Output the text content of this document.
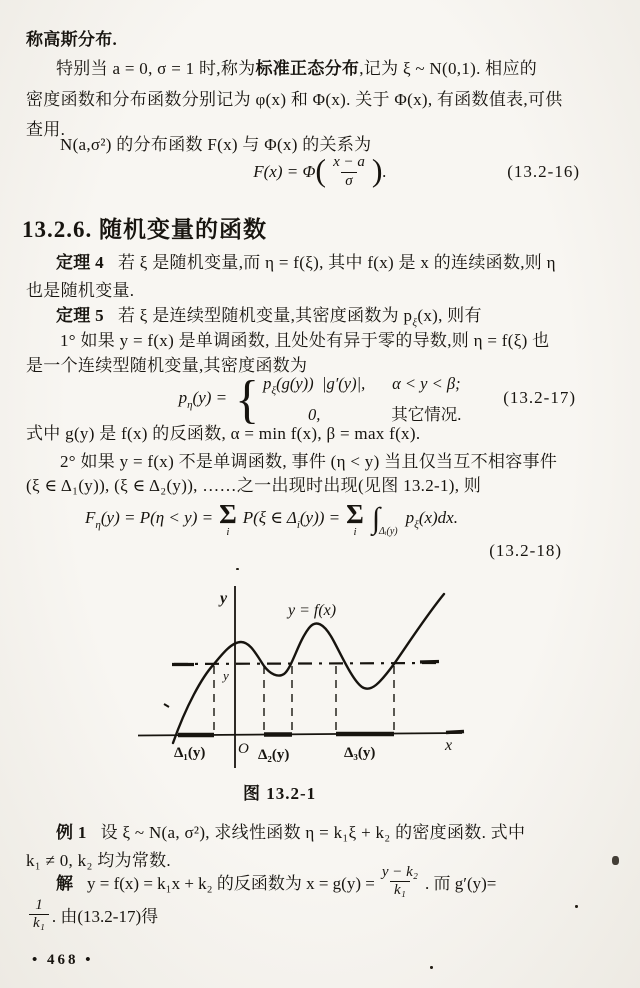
称高斯分布.
特别当 a = 0, σ = 1 时,称为标准正态分布,记为 ξ ~ N(0,1). 相应的
密度函数和分布函数分别记为 φ(x) 和 Φ(x). 关于 Φ(x), 有函数值表,可供
查用.
N(a,σ²) 的分布函数 F(x) 与 Φ(x) 的关系为
F(x) = Φ ( $\frac{x - a}{\sigma}$ ) .	(13.2-16)
13.2.6. 随机变量的函数
定理 4 若 ξ 是随机变量,而 η = f(ξ), 其中 f(x) 是 x 的连续函数,则 η
也是随机变量.
定理 5 若 ξ 是连续型随机变量,其密度函数为 $p_\xi(x)$, 则有
1° 如果 y = f(x) 是单调函数, 且处处有异于零的导数,则 η = f(ξ) 也
是一个连续型随机变量,其密度函数为
$p_\eta(y)$ = { $p_\xi(g(y))$  |g′(y)|, α < y < β;
0,	其它情况.
(13.2-17)
式中 g(y) 是 f(x) 的反函数, α = min f(x), β = max f(x).
2° 如果 y = f(x) 不是单调函数, 事件 (η < y) 当且仅当互不相容事件
(ξ ∈ Δ₁(y)), (ξ ∈ Δ₂(y)), ……之一出现时出现(见图 13.2-1), 则
$F_\eta(y) = P(\eta < y) = \Sigma$
i
P(ξ ∈ $\Delta_i(y)) = \Sigma$
i ∫ Δᵢ(y)
$p_\xi(x)dx$.
(13.2-18)
y
y = f(x)
y
O	x
Δ₁(y)	Δ₂(y)	Δ₃(y)
图 13.2-1
例 1 设 ξ ~ N(a, σ²), 求线性函数 η = k₁ξ + k₂ 的密度函数. 式中
k₁ ≠ 0, k₂ 均为常数.
解 y = f(x) = k₁x + k₂ 的反函数为 $x = g(y) = \frac{\text{y − k₂}}{\text{k₁}}$ . 而 g′(y)=
$\frac{1}{\text{k₁}}$ . 由(13.2-17)得
• 468 •
